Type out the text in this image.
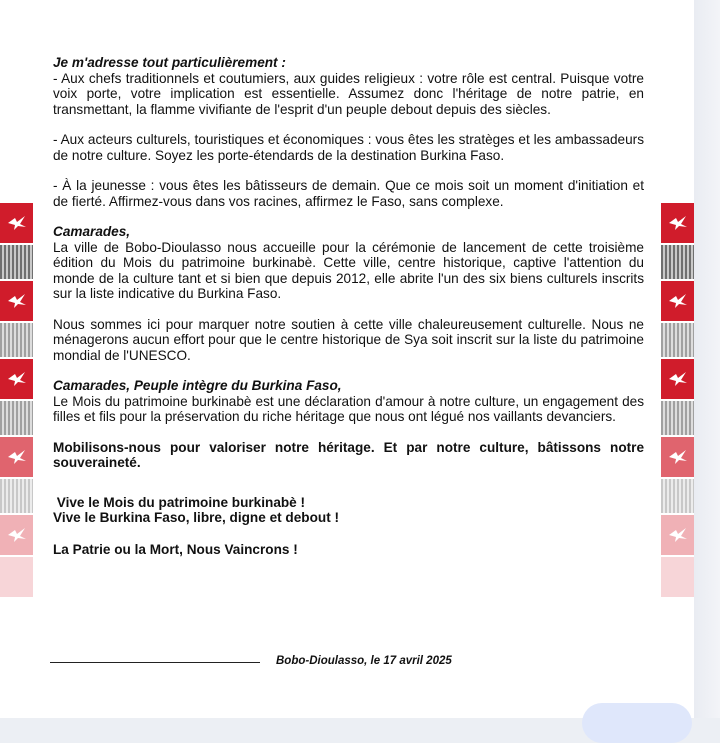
Je m'adresse tout particulièrement :

- Aux chefs traditionnels et coutumiers, aux guides religieux : votre rôle est central. Puisque votre voix porte, votre implication est essentielle. Assumez donc l'héritage de notre patrie, en transmettant, la flamme vivifiante de l'esprit d'un peuple debout depuis des siècles.

- Aux acteurs culturels, touristiques et économiques : vous êtes les stratèges et les ambassadeurs de notre culture. Soyez les porte-étendards de la destination Burkina Faso.

- À la jeunesse : vous êtes les bâtisseurs de demain. Que ce mois soit un moment d'initiation et de fierté. Affirmez-vous dans vos racines, affirmez le Faso, sans complexe.

Camarades,

La ville de Bobo-Dioulasso nous accueille pour la cérémonie de lancement de cette troisième édition du Mois du patrimoine burkinabè. Cette ville, centre historique, captive l'attention du monde de la culture tant et si bien que depuis 2012, elle abrite l'un des six biens culturels inscrits sur la liste indicative du Burkina Faso.

Nous sommes ici pour marquer notre soutien à cette ville chaleureusement culturelle. Nous ne ménagerons aucun effort pour que le centre historique de Sya soit inscrit sur la liste du patrimoine mondial de l'UNESCO.

Camarades, Peuple intègre du Burkina Faso,

Le Mois du patrimoine burkinabè est une déclaration d'amour à notre culture, un engagement des filles et fils pour la préservation du riche héritage que nous ont légué nos vaillants devanciers.

Mobilisons-nous pour valoriser notre héritage. Et par notre culture, bâtissons notre souveraineté.

Vive le Mois du patrimoine burkinabè !

Vive le Burkina Faso, libre, digne et debout !

La Patrie ou la Mort, Nous Vaincrons !

Bobo-Dioulasso, le 17 avril 2025
